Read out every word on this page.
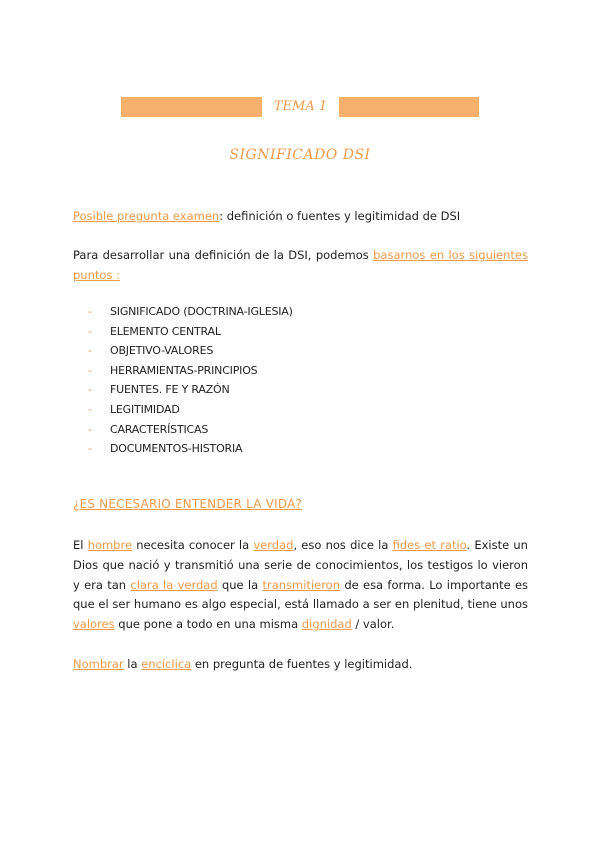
TEMA 1
SIGNIFICADO DSI
Posible pregunta examen: definición o fuentes y legitimidad de DSI
Para desarrollar una definición de la DSI, podemos basarnos en los siguientes puntos :
- SIGNIFICADO (DOCTRINA-IGLESIA)
- ELEMENTO CENTRAL
- OBJETIVO-VALORES
- HERRAMIENTAS-PRINCIPIOS
- FUENTES. FE Y RAZÓN
- LEGITIMIDAD
- CARACTERÍSTICAS
- DOCUMENTOS-HISTORIA
¿ES NECESARIO ENTENDER LA VIDA?
El hombre necesita conocer la verdad, eso nos dice la fides et ratio. Existe un Dios que nació y transmitió una serie de conocimientos, los testigos lo vieron y era tan clara la verdad que la transmitieron de esa forma. Lo importante es que el ser humano es algo especial, está llamado a ser en plenitud, tiene unos valores que pone a todo en una misma dignidad / valor.
Nombrar la encíclica en pregunta de fuentes y legitimidad.
